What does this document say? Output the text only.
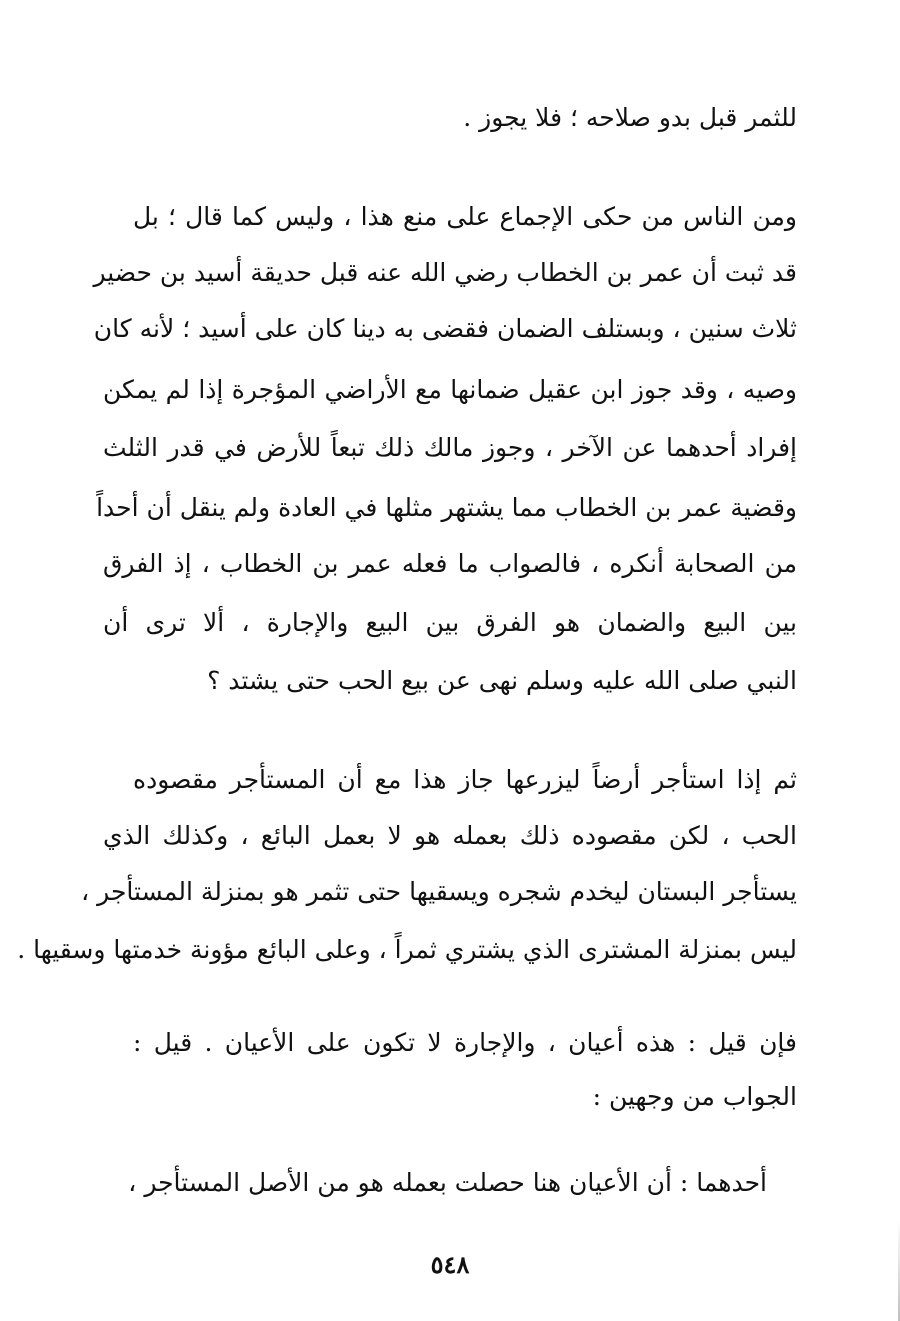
للثمر قبل بدو صلاحه ؛ فلا يجوز .
ومن الناس من حكى الإجماع على منع هذا ، وليس كما قال ؛ بل
قد ثبت أن عمر بن الخطاب رضي الله عنه قبل حديقة أسيد بن حضير
ثلاث سنين ، وبستلف الضمان فقضى به دينا كان على أسيد ؛ لأنه كان
وصيه ، وقد جوز ابن عقيل ضمانها مع الأراضي المؤجرة إذا لم يمكن
إفراد أحدهما عن الآخر ، وجوز مالك ذلك تبعاً للأرض في قدر الثلث
وقضية عمر بن الخطاب مما يشتهر مثلها في العادة ولم ينقل أن أحداً
من الصحابة أنكره ، فالصواب ما فعله عمر بن الخطاب ، إذ الفرق
بين البيع والضمان هو الفرق بين البيع والإجارة ، ألا ترى أن
النبي صلى الله عليه وسلم نهى عن بيع الحب حتى يشتد ؟
ثم إذا استأجر أرضاً ليزرعها جاز هذا مع أن المستأجر مقصوده
الحب ، لكن مقصوده ذلك بعمله هو لا بعمل البائع ، وكذلك الذي
يستأجر البستان ليخدم شجره ويسقيها حتى تثمر هو بمنزلة المستأجر ،
ليس بمنزلة المشترى الذي يشتري ثمراً ، وعلى البائع مؤونة خدمتها وسقيها .
فإن قيل : هذه أعيان ، والإجارة لا تكون على الأعيان . قيل :
الجواب من وجهين :
أحدهما : أن الأعيان هنا حصلت بعمله هو من الأصل المستأجر ،
٥٤٨
